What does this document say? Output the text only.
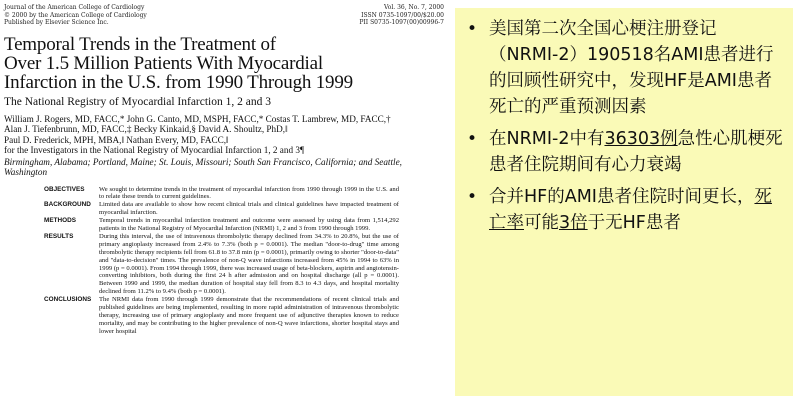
Journal of the American College of Cardiology
© 2000 by the American College of Cardiology
Published by Elsevier Science Inc.
Vol. 36, No. 7, 2000
ISSN 0735-1097/00/$20.00
PII S0735-1097(00)00996-7
Temporal Trends in the Treatment of
Over 1.5 Million Patients With Myocardial
Infarction in the U.S. from 1990 Through 1999
The National Registry of Myocardial Infarction 1, 2 and 3
William J. Rogers, MD, FACC,* John G. Canto, MD, MSPH, FACC,* Costas T. Lambrew, MD, FACC,†
Alan J. Tiefenbrunn, MD, FACC,‡ Becky Kinkaid,§ David A. Shoultz, PhD,‖
Paul D. Frederick, MPH, MBA,‖ Nathan Every, MD, FACC,‖
for the Investigators in the National Registry of Myocardial Infarction 1, 2 and 3¶
Birmingham, Alabama; Portland, Maine; St. Louis, Missouri; South San Francisco, California; and Seattle,
Washington
OBJECTIVES	We sought to determine trends in the treatment of myocardial infarction from 1990 through 1999 in the U.S. and to relate these trends to current guidelines.
BACKGROUND	Limited data are available to show how recent clinical trials and clinical guidelines have impacted treatment of myocardial infarction.
METHODS	Temporal trends in myocardial infarction treatment and outcome were assessed by using data from 1,514,292 patients in the National Registry of Myocardial Infarction (NRMI) 1, 2 and 3 from 1990 through 1999.
RESULTS	During this interval, the use of intravenous thrombolytic therapy declined from 34.3% to 20.8%, but the use of primary angioplasty increased from 2.4% to 7.3% (both p = 0.0001). The median "door-to-drug" time among thrombolytic therapy recipients fell from 61.8 to 37.8 min (p = 0.0001), primarily owing to shorter "door-to-data" and "data-to-decision" times. The prevalence of non-Q wave infarctions increased from 45% in 1994 to 63% in 1999 (p = 0.0001). From 1994 through 1999, there was increased usage of beta-blockers, aspirin and angiotensin-converting inhibitors, both during the first 24 h after admission and on hospital discharge (all p = 0.0001). Between 1990 and 1999, the median duration of hospital stay fell from 8.3 to 4.3 days, and hospital mortality declined from 11.2% to 9.4% (both p = 0.0001).
CONCLUSIONS	The NRMI data from 1990 through 1999 demonstrate that the recommendations of recent clinical trials and published guidelines are being implemented, resulting in more rapid administration of intravenous thrombolytic therapy, increasing use of primary angioplasty and more frequent use of adjunctive therapies known to reduce mortality, and may be contributing to the higher prevalence of non-Q wave infarctions, shorter hospital stays and lower hospital
• 美国第二次全国心梗注册登记（NRMI-2）190518名AMI患者进行的回顾性研究中，发现HF是AMI患者死亡的严重预测因素
• 在NRMI-2中有36303例急性心肌梗死患者住院期间有心力衰竭
• 合并HF的AMI患者住院时间更长，死亡率可能3倍于无HF患者
